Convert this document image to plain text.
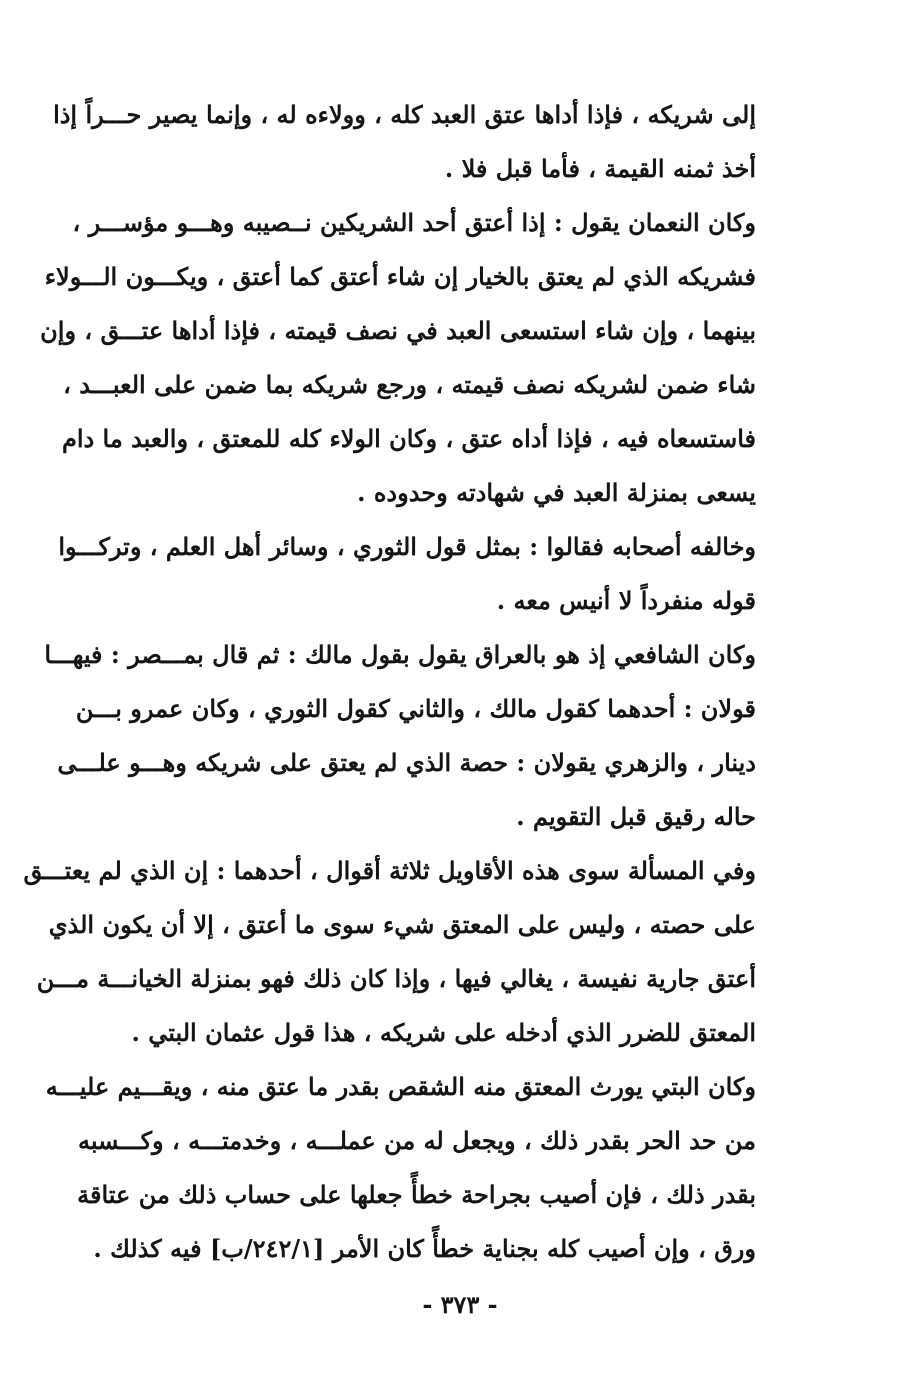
إلى شريكه ، فإذا أداها عتق العبد كله ، وولاءه له ، وإنما يصير حـــراً إذا
أخذ ثمنه القيمة ، فأما قبل فلا .
وكان النعمان يقول : إذا أعتق أحد الشريكين نــصيبه وهـــو مؤســـر ،
فشريكه الذي لم يعتق بالخيار إن شاء أعتق كما أعتق ، ويكـــون الـــولاء
بينهما ، وإن شاء استسعى العبد في نصف قيمته ، فإذا أداها عتـــق ، وإن
شاء ضمن لشريكه نصف قيمته ، ورجع شريكه بما ضمن على العبـــد ،
فاستسعاه فيه ، فإذا أداه عتق ، وكان الولاء كله للمعتق ، والعبد ما دام
يسعى بمنزلة العبد في شهادته وحدوده .
وخالفه أصحابه فقالوا : بمثل قول الثوري ، وسائر أهل العلم ، وتركـــوا
قوله منفرداً لا أنيس معه .
وكان الشافعي إذ هو بالعراق يقول بقول مالك : ثم قال بمـــصر : فيهـــا
قولان : أحدهما كقول مالك ، والثاني كقول الثوري ، وكان عمرو بـــن
دينار ، والزهري يقولان : حصة الذي لم يعتق على شريكه وهـــو علـــى
حاله رقيق قبل التقويم .
وفي المسألة سوى هذه الأقاويل ثلاثة أقوال ، أحدهما : إن الذي لم يعتـــق
على حصته ، وليس على المعتق شيء سوى ما أعتق ، إلا أن يكون الذي
أعتق جارية نفيسة ، يغالي فيها ، وإذا كان ذلك فهو بمنزلة الخيانـــة مـــن
المعتق للضرر الذي أدخله على شريكه ، هذا قول عثمان البتي .
وكان البتي يورث المعتق منه الشقص بقدر ما عتق منه ، ويقـــيم عليـــه
من حد الحر بقدر ذلك ، ويجعل له من عملـــه ، وخدمتـــه ، وكـــسبه
بقدر ذلك ، فإن أصيب بجراحة خطأً جعلها على حساب ذلك من عتاقة
ورق ، وإن أصيب كله بجناية خطأً كان الأمر [٢٤٢/١/ب] فيه كذلك .
- ٣٧٣ -
